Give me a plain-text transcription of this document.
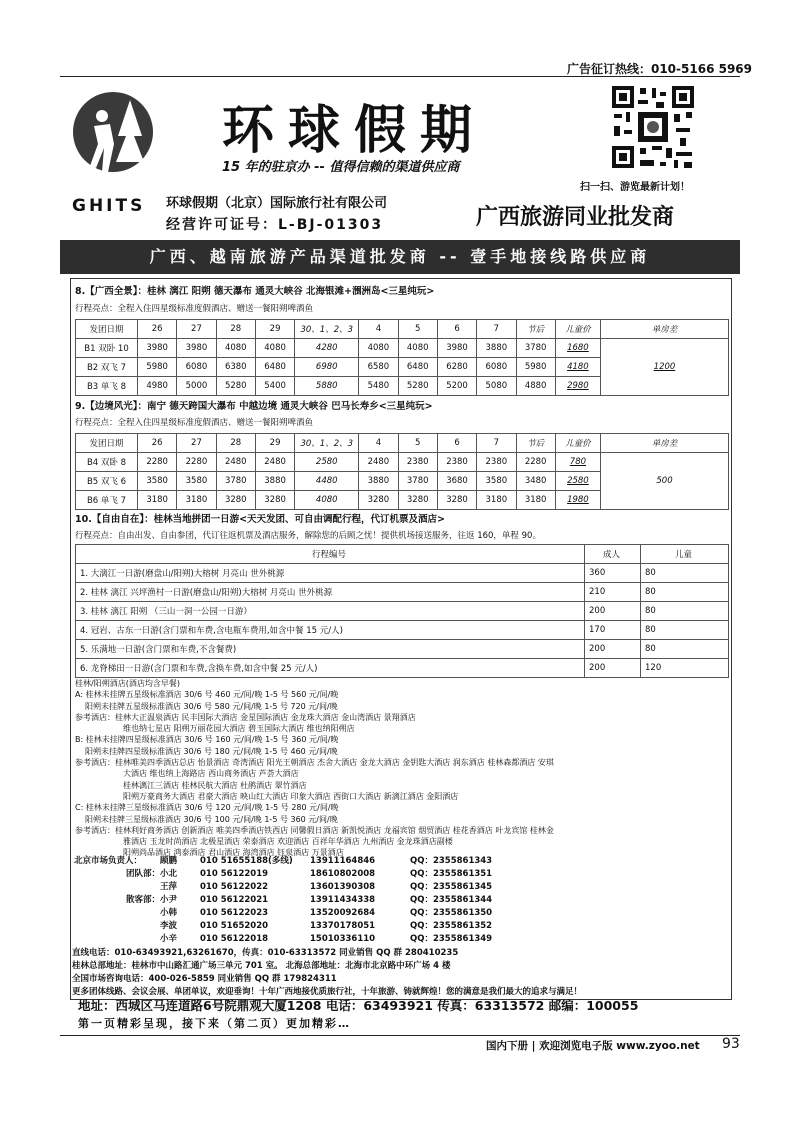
广告征订热线：010-5166 5969
环球假期
15 年的驻京办 -- 值得信赖的渠道供应商
GHITS 环球假期（北京）国际旅行社有限公司
经营许可证号：L-BJ-01303	广西旅游同业批发商
扫一扫、游览最新计划！
广西、越南旅游产品渠道批发商 -- 壹手地接线路供应商
8.【广西全景】：桂林 漓江 阳朔 德天瀑布 通灵大峡谷 北海银滩+涠洲岛<三星纯玩>
行程亮点：全程入住四星级标准度假酒店、赠送一餐阳朔啤酒鱼
发团日期	26	27	28	29	30、1、2、3	4	5	6	7	节后	儿童价	单房差
B1 双卧 10	3980	3980	4080	4080	4280	4080	4080	3980	3880	3780	1680	1200
B2 双飞 7	5980	6080	6380	6480	6980	6580	6480	6280	6080	5980	4180	
B3 单飞 8	4980	5000	5280	5400	5880	5480	5280	5200	5080	4880	2980	
9.【边境风光】：南宁 德天跨国大瀑布 中越边境 通灵大峡谷 巴马长寿乡<三星纯玩>
行程亮点：全程入住四星级标准度假酒店、赠送一餐阳朔啤酒鱼
发团日期	26	27	28	29	30、1、2、3	4	5	6	7	节后	儿童价	单房差
B4 双卧 8	2280	2280	2480	2480	2580	2480	2380	2380	2380	2280	780	500
B5 双飞 6	3580	3580	3780	3880	4480	3880	3780	3680	3580	3480	2580	
B6 单飞 7	3180	3180	3280	3280	4080	3280	3280	3280	3180	3180	1980	
10.【自由自在】：桂林当地拼团一日游<天天发团、可自由调配行程，代订机票及酒店>
行程亮点：自由出发、自由参团，代订往返机票及酒店服务，解除您的后顾之忧！提供机场接送服务，往返 160，单程 90。
行程编号	成人	儿童
1. 大漓江一日游(磨盘山/阳朔)大榕树 月亮山 世外桃源	360	80
2. 桂林 漓江 兴坪渔村一日游(磨盘山/阳朔)大榕树 月亮山 世外桃源	210	80
3. 桂林 漓江 阳朔 （三山一洞一公园一日游）	200	80
4. 冠岩、古东一日游(含门票和车费,含电瓶车费用,如含中餐 15 元/人)	170	80
5. 乐满地一日游(含门票和车费,不含餐费)	200	80
6. 龙脊梯田一日游(含门票和车费,含换车费,如含中餐 25 元/人)	200	120
桂林/阳朔酒店(酒店均含早餐)
A: 桂林未挂牌五星级标准酒店 30/6 号 460 元/间/晚 1-5 号 560 元/间/晚
阳朔未挂牌五星级标准酒店 30/6 号 580 元/间/晚 1-5 号 720 元/间/晚
参考酒店：桂林大正温泉酒店 民丰国际大酒店 金星国际酒店 金龙珠大酒店 金山湾酒店 景翔酒店
维也纳七星店 阳朔万丽花园大酒店 碧玉国际大酒店 维也纳阳朔店
B: 桂林未挂牌四星级标准酒店 30/6 号 160 元/间/晚 1-5 号 360 元/间/晚
阳朔未挂牌四星级标准酒店 30/6 号 180 元/间/晚 1-5 号 460 元/间/晚
参考酒店：桂林唯美四季酒店总店 怡景酒店 奇湾酒店 阳光王朝酒店 杰舍大酒店 金龙大酒店 金钥匙大酒店 润东酒店 桂林森都酒店 安琪
大酒店 维也纳上海路店 西山商务酒店 芦荟大酒店
桂林漓江三酒店 桂林民航大酒店 杜鹃酒店 翠竹酒店
阳朔万豪商务大酒店 君豪大酒店 映山红大酒店 印象大酒店 西街口大酒店 新漓江酒店 金阳酒店
C: 桂林未挂牌三星级标准酒店 30/6 号 120 元/间/晚 1-5 号 280 元/间/晚
阳朔未挂牌三星级标准酒店 30/6 号 100 元/间/晚 1-5 号 360 元/间/晚
参考酒店：桂林利好商务酒店 创新酒店 唯美四季酒店铁西店 同馨假日酒店 新凯悦酒店 龙福宾馆 烟贸酒店 桂花香酒店 叶龙宾馆 桂林金
雅酒店 玉龙时尚酒店 北极星酒店 荣泰酒店 欢迎酒店 百祥年华酒店 九州酒店 金龙珠酒店副楼
阳朔尚品酒店 鸿泰酒店 君山酒店 海湾酒店 钰泉酒店 万景酒店
北京市场负责人： 顾鹏	010 51655188(多线) 13911164846	QQ：2355861343
团队部：小北	010 56122019	18610802008	QQ：2355861351
王萍	010 56122022	13601390308	QQ：2355861345
散客部：小尹	010 56122021	13911434338	QQ：2355861344
小韩	010 56122023	13520092684	QQ：2355861350
李波	010 51652020	13370178051	QQ：2355861352
小辛	010 56122018	15010336110	QQ：2355861349
直线电话：010-63493921,63261670，传真：010-63313572 同业销售 QQ 群 280410235
桂林总部地址：桂林市中山路汇通广场三单元 701 室。 北海总部地址：北海市北京路中环广场 4 楼
全国市场咨询电话：400-026-5859 同业销售 QQ 群 179824311
更多团体线路、会议会展、单团单议，欢迎垂询！十年广西地接优质旅行社，十年旅游、铸就辉煌！您的满意是我们最大的追求与满足！
地址：西城区马连道路6号院鼎观大厦1208 电话：63493921 传真：63313572 邮编：100055
第一页精彩呈现，接下来（第二页）更加精彩…
国内下册 | 欢迎浏览电子版 www.zyoo.net 93
